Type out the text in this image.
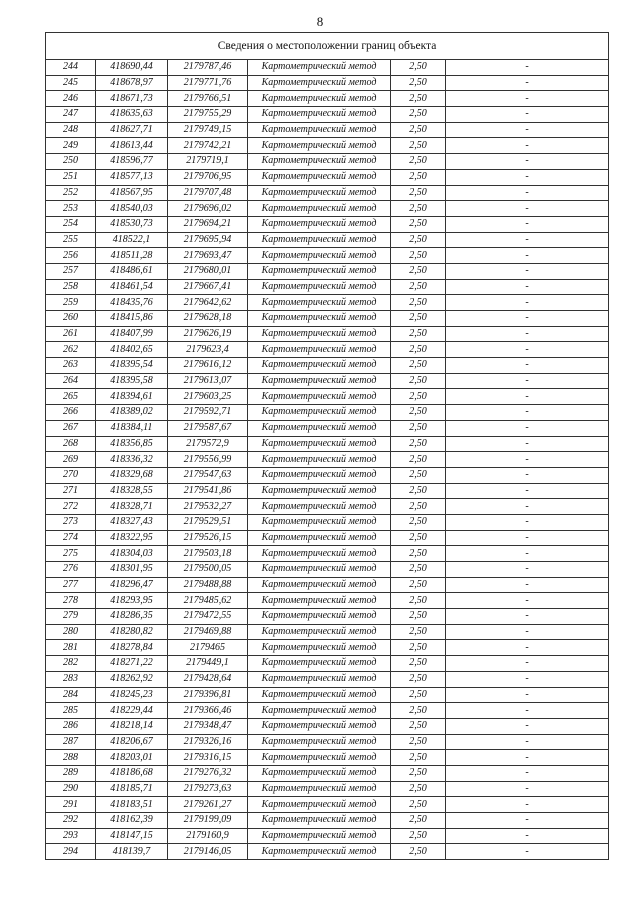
8
Сведения о местоположении границ объекта					
244	418690,44	2179787,46	Картометрический метод	2,50	-
245	418678,97	2179771,76	Картометрический метод	2,50	-
246	418671,73	2179766,51	Картометрический метод	2,50	-
247	418635,63	2179755,29	Картометрический метод	2,50	-
248	418627,71	2179749,15	Картометрический метод	2,50	-
249	418613,44	2179742,21	Картометрический метод	2,50	-
250	418596,77	2179719,1	Картометрический метод	2,50	-
251	418577,13	2179706,95	Картометрический метод	2,50	-
252	418567,95	2179707,48	Картометрический метод	2,50	-
253	418540,03	2179696,02	Картометрический метод	2,50	-
254	418530,73	2179694,21	Картометрический метод	2,50	-
255	418522,1	2179695,94	Картометрический метод	2,50	-
256	418511,28	2179693,47	Картометрический метод	2,50	-
257	418486,61	2179680,01	Картометрический метод	2,50	-
258	418461,54	2179667,41	Картометрический метод	2,50	-
259	418435,76	2179642,62	Картометрический метод	2,50	-
260	418415,86	2179628,18	Картометрический метод	2,50	-
261	418407,99	2179626,19	Картометрический метод	2,50	-
262	418402,65	2179623,4	Картометрический метод	2,50	-
263	418395,54	2179616,12	Картометрический метод	2,50	-
264	418395,58	2179613,07	Картометрический метод	2,50	-
265	418394,61	2179603,25	Картометрический метод	2,50	-
266	418389,02	2179592,71	Картометрический метод	2,50	-
267	418384,11	2179587,67	Картометрический метод	2,50	-
268	418356,85	2179572,9	Картометрический метод	2,50	-
269	418336,32	2179556,99	Картометрический метод	2,50	-
270	418329,68	2179547,63	Картометрический метод	2,50	-
271	418328,55	2179541,86	Картометрический метод	2,50	-
272	418328,71	2179532,27	Картометрический метод	2,50	-
273	418327,43	2179529,51	Картометрический метод	2,50	-
274	418322,95	2179526,15	Картометрический метод	2,50	-
275	418304,03	2179503,18	Картометрический метод	2,50	-
276	418301,95	2179500,05	Картометрический метод	2,50	-
277	418296,47	2179488,88	Картометрический метод	2,50	-
278	418293,95	2179485,62	Картометрический метод	2,50	-
279	418286,35	2179472,55	Картометрический метод	2,50	-
280	418280,82	2179469,88	Картометрический метод	2,50	-
281	418278,84	2179465	Картометрический метод	2,50	-
282	418271,22	2179449,1	Картометрический метод	2,50	-
283	418262,92	2179428,64	Картометрический метод	2,50	-
284	418245,23	2179396,81	Картометрический метод	2,50	-
285	418229,44	2179366,46	Картометрический метод	2,50	-
286	418218,14	2179348,47	Картометрический метод	2,50	-
287	418206,67	2179326,16	Картометрический метод	2,50	-
288	418203,01	2179316,15	Картометрический метод	2,50	-
289	418186,68	2179276,32	Картометрический метод	2,50	-
290	418185,71	2179273,63	Картометрический метод	2,50	-
291	418183,51	2179261,27	Картометрический метод	2,50	-
292	418162,39	2179199,09	Картометрический метод	2,50	-
293	418147,15	2179160,9	Картометрический метод	2,50	-
294	418139,7	2179146,05	Картометрический метод	2,50	-
